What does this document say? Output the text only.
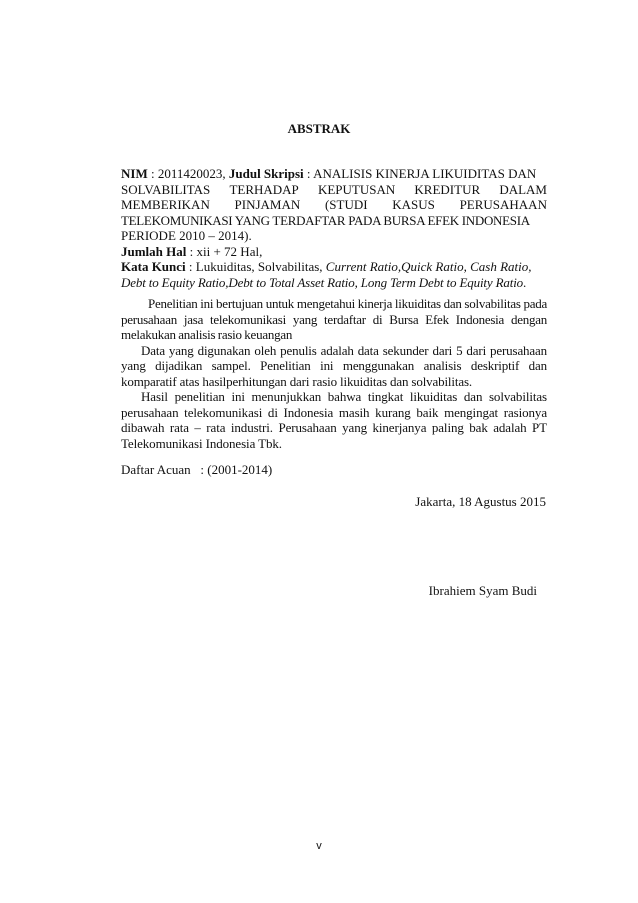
ABSTRAK

NIM : 2011420023, Judul Skripsi : ANALISIS KINERJA LIKUIDITAS DAN

SOLVABILITAS TERHADAP KEPUTUSAN KREDITUR DALAM

MEMBERIKAN PINJAMAN (STUDI KASUS PERUSAHAAN

TELEKOMUNIKASI YANG TERDAFTAR PADA BURSA EFEK INDONESIA

PERIODE 2010 – 2014).

Jumlah Hal : xii + 72 Hal,

Kata Kunci : Lukuiditas, Solvabilitas, Current Ratio,Quick Ratio, Cash Ratio,

Debt to Equity Ratio,Debt to Total Asset Ratio, Long Term Debt to Equity Ratio.

Penelitian ini bertujuan untuk mengetahui kinerja likuiditas dan solvabilitas pada perusahaan jasa telekomunikasi yang terdaftar di Bursa Efek Indonesia dengan melakukan analisis rasio keuangan

Data yang digunakan oleh penulis adalah data sekunder dari 5 dari perusahaan yang dijadikan sampel. Penelitian ini menggunakan analisis deskriptif dan komparatif atas hasilperhitungan dari rasio likuiditas dan solvabilitas.

Hasil penelitian ini menunjukkan bahwa tingkat likuiditas dan solvabilitas perusahaan telekomunikasi di Indonesia masih kurang baik mengingat rasionya dibawah rata – rata industri. Perusahaan yang kinerjanya paling bak adalah PT Telekomunikasi Indonesia Tbk.

Daftar Acuan   : (2001-2014)
Jakarta, 18 Agustus 2015
Ibrahiem Syam Budi
v
